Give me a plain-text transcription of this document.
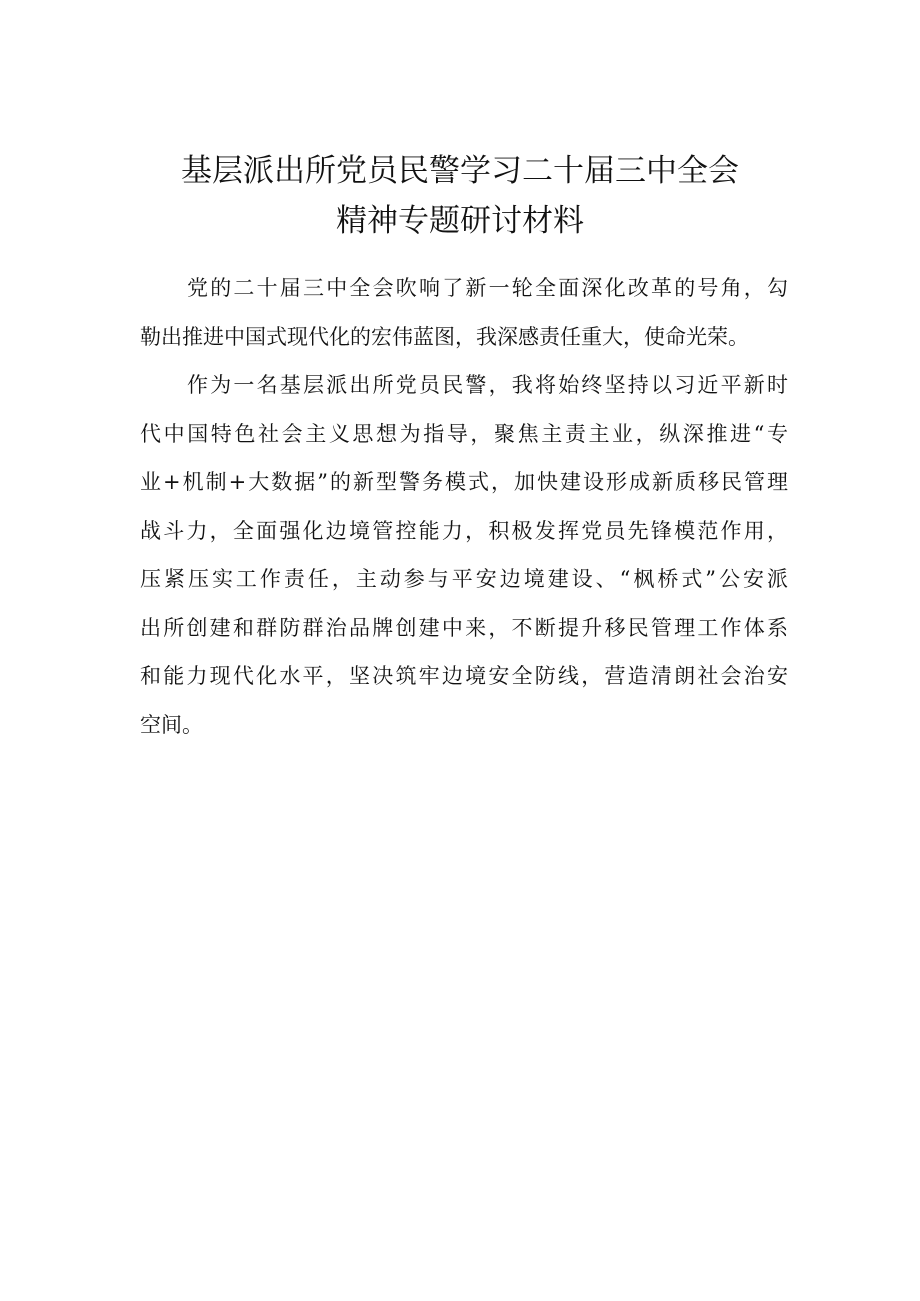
基层派出所党员民警学习二十届三中全会
精神专题研讨材料
党的二十届三中全会吹响了新一轮全面深化改革的号角，勾
勒出推进中国式现代化的宏伟蓝图，我深感责任重大，使命光荣。
作为一名基层派出所党员民警，我将始终坚持以习近平新时
代中国特色社会主义思想为指导，聚焦主责主业，纵深推进“专
业+机制+大数据”的新型警务模式，加快建设形成新质移民管理
战斗力，全面强化边境管控能力，积极发挥党员先锋模范作用，
压紧压实工作责任，主动参与平安边境建设、“枫桥式”公安派
出所创建和群防群治品牌创建中来，不断提升移民管理工作体系
和能力现代化水平，坚决筑牢边境安全防线，营造清朗社会治安
空间。
